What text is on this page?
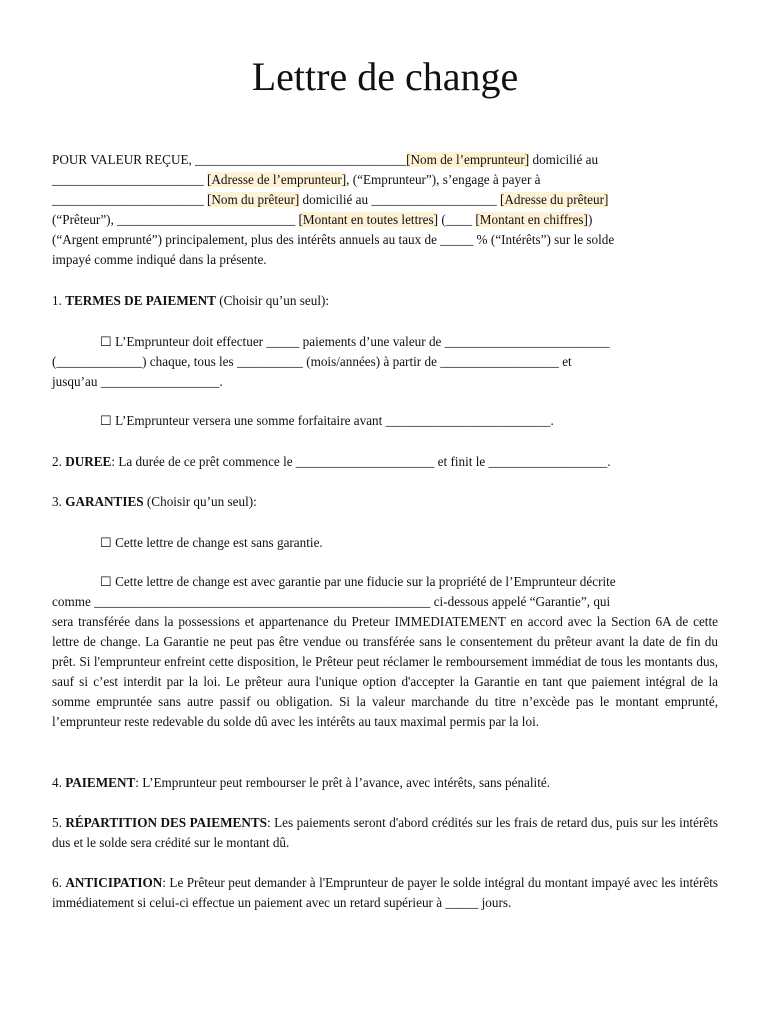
Lettre de change
POUR VALEUR REÇUE, ________________________________[Nom de l’emprunteur] domicilié au
_______________________ [Adresse de l’emprunteur], (“Emprunteur”), s’engage à payer à
_______________________ [Nom du prêteur] domicilié au ___________________ [Adresse du prêteur]
(“Prêteur”), ___________________________ [Montant en toutes lettres] (____ [Montant en chiffres])
(“Argent emprunté”) principalement, plus des intérêts annuels au taux de _____ % (“Intérêts”) sur le solde
impayé comme indiqué dans la présente.
1. TERMES DE PAIEMENT (Choisir qu’un seul):
☐ L’Emprunteur doit effectuer _____ paiements d’une valeur de _________________________
(_____________) chaque, tous les __________ (mois/années) à partir de __________________ et
jusqu’au __________________.
☐ L’Emprunteur versera une somme forfaitaire avant _________________________.
2. DUREE: La durée de ce prêt commence le _____________________ et finit le __________________.
3. GARANTIES (Choisir qu’un seul):
☐ Cette lettre de change est sans garantie.
☐ Cette lettre de change est avec garantie par une fiducie sur la propriété de l’Emprunteur décrite
comme ___________________________________________________ ci-dessous appelé “Garantie”, qui
sera transférée dans la possessions et appartenance du Preteur IMMEDIATEMENT en accord avec la Section 6A de cette lettre de change. La Garantie ne peut pas être vendue ou transférée sans le consentement du prêteur avant la date de fin du prêt. Si l'emprunteur enfreint cette disposition, le Prêteur peut réclamer le remboursement immédiat de tous les montants dus, sauf si c’est interdit par la loi. Le prêteur aura l'unique option d'accepter la Garantie en tant que paiement intégral de la somme empruntée sans autre passif ou obligation. Si la valeur marchande du titre n’excède pas le montant emprunté, l’emprunteur reste redevable du solde dû avec les intérêts au taux maximal permis par la loi.
4. PAIEMENT: L’Emprunteur peut rembourser le prêt à l’avance, avec intérêts, sans pénalité.
5. RÉPARTITION DES PAIEMENTS: Les paiements seront d'abord crédités sur les frais de retard dus, puis sur les intérêts dus et le solde sera crédité sur le montant dû.
6. ANTICIPATION: Le Prêteur peut demander à l'Emprunteur de payer le solde intégral du montant impayé avec les intérêts immédiatement si celui-ci effectue un paiement avec un retard supérieur à _____ jours.
